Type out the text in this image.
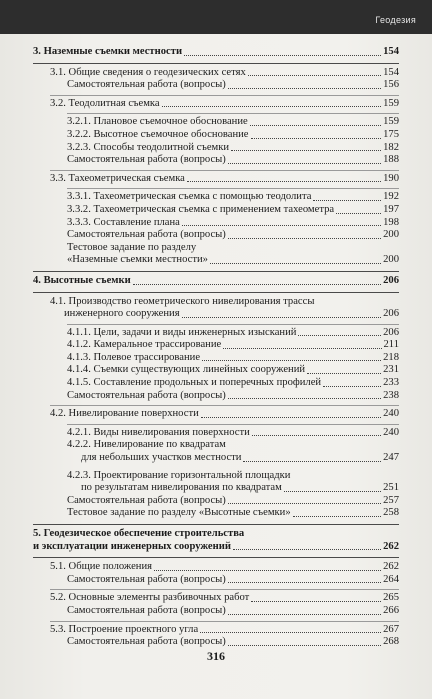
Геодезия
3. Наземные съемки местности	154
3.1. Общие сведения о геодезических сетях	154
Самостоятельная работа (вопросы)	156
3.2. Теодолитная съемка	159
3.2.1. Плановое съемочное обоснование	159
3.2.2. Высотное съемочное обоснование	175
3.2.3. Способы теодолитной съемки	182
Самостоятельная работа (вопросы)	188
3.3. Тахеометрическая съемка	190
3.3.1. Тахеометрическая съемка с помощью теодолита	192
3.3.2. Тахеометрическая съемка с применением тахеометра	197
3.3.3. Составление плана	198
Самостоятельная работа (вопросы)	200
Тестовое задание по разделу
«Наземные съемки местности»	200
4. Высотные съемки	206
4.1. Производство геометрического нивелирования трассы
инженерного сооружения	206
4.1.1. Цели, задачи и виды инженерных изысканий	206
4.1.2. Камеральное трассирование	211
4.1.3. Полевое трассирование	218
4.1.4. Съемки существующих линейных сооружений	231
4.1.5. Составление продольных и поперечных профилей	233
Самостоятельная работа (вопросы)	238
4.2. Нивелирование поверхности	240
4.2.1. Виды нивелирования поверхности	240
4.2.2. Нивелирование по квадратам
для небольших участков местности	247
4.2.3. Проектирование горизонтальной площадки
по результатам нивелирования по квадратам	251
Самостоятельная работа (вопросы)	257
Тестовое задание по разделу «Высотные съемки»	258
5. Геодезическое обеспечение строительства
и эксплуатации инженерных сооружений	262
5.1. Общие положения	262
Самостоятельная работа (вопросы)	264
5.2. Основные элементы разбивочных работ	265
Самостоятельная работа (вопросы)	266
5.3. Построение проектного угла	267
Самостоятельная работа (вопросы)	268
316
